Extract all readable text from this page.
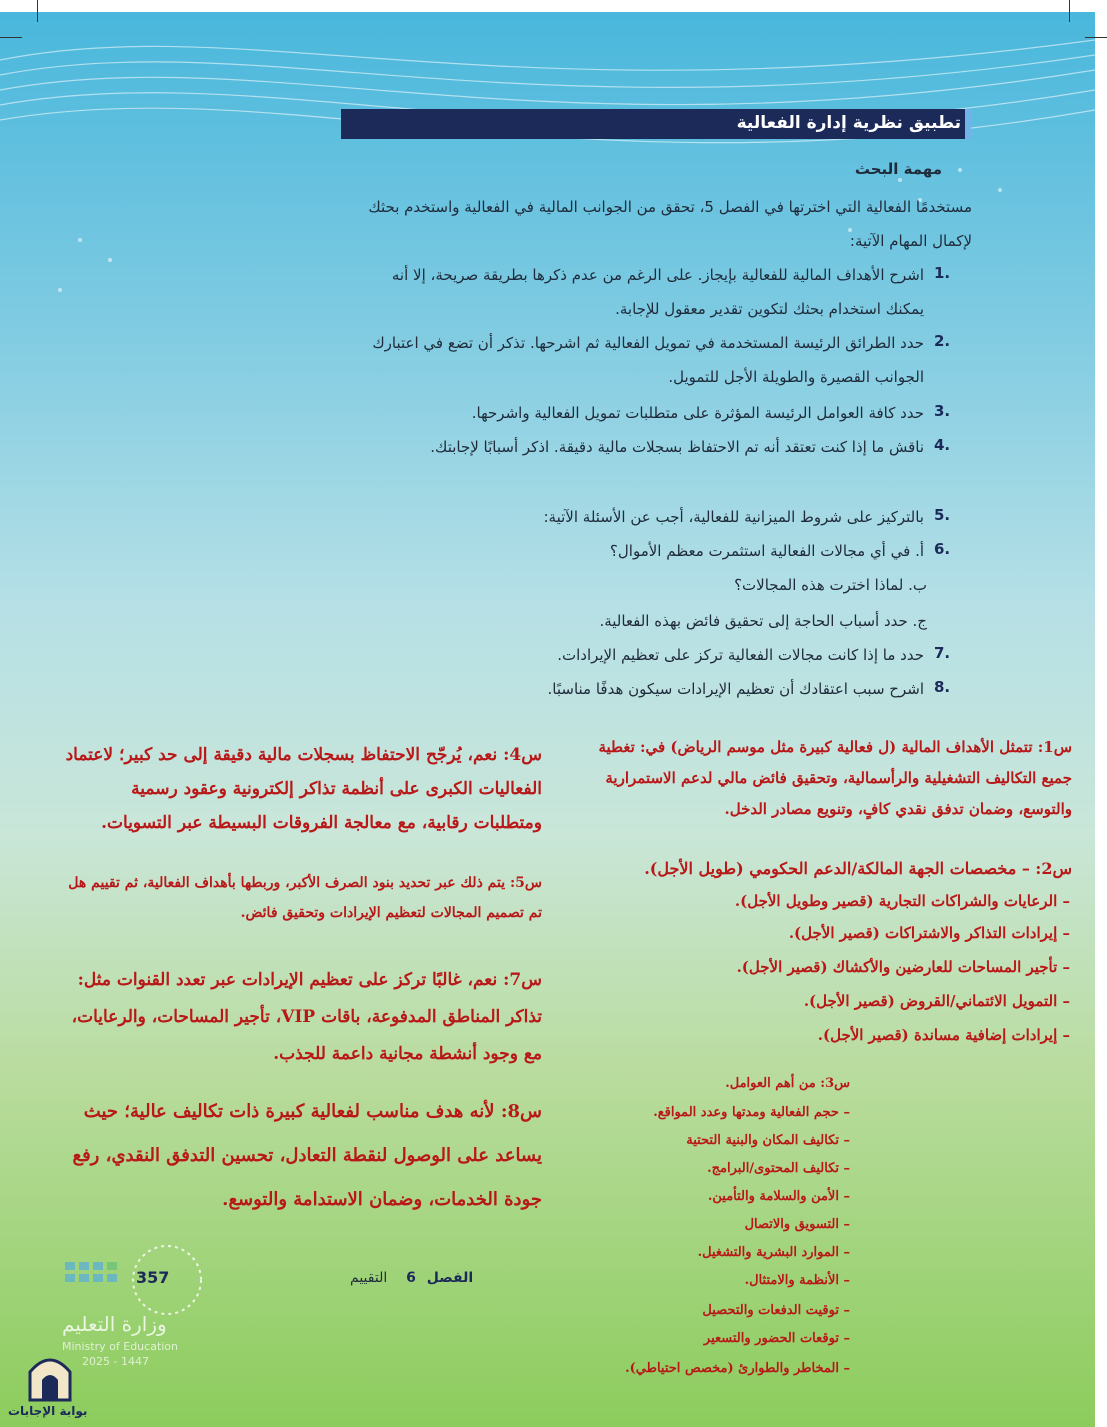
تطبيق نظرية إدارة الفعالية
مهمة البحث
مستخدمًا الفعالية التي اخترتها في الفصل 5، تحقق من الجوانب المالية في الفعالية واستخدم بحثك لإكمال المهام الآتية:
اشرح الأهداف المالية للفعالية بإيجاز. على الرغم من عدم ذكرها بطريقة صريحة، إلا أنه يمكنك استخدام بحثك لتكوين تقدير معقول للإجابة.
1.
حدد الطرائق الرئيسة المستخدمة في تمويل الفعالية ثم اشرحها. تذكر أن تضع في اعتبارك الجوانب القصيرة والطويلة الأجل للتمويل.
2.
حدد كافة العوامل الرئيسة المؤثرة على متطلبات تمويل الفعالية واشرحها. 3.
ناقش ما إذا كنت تعتقد أنه تم الاحتفاظ بسجلات مالية دقيقة. اذكر أسبابًا لإجابتك. 4.
بالتركيز على شروط الميزانية للفعالية، أجب عن الأسئلة الآتية: 5.
أ. في أي مجالات الفعالية استثمرت معظم الأموال؟ 6.
ب. لماذا اخترت هذه المجالات؟
ج. حدد أسباب الحاجة إلى تحقيق فائض بهذه الفعالية.
حدد ما إذا كانت مجالات الفعالية تركز على تعظيم الإيرادات. 7.
اشرح سبب اعتقادك أن تعظيم الإيرادات سيكون هدفًا مناسبًا. 8.
س4: نعم، يُرجّح الاحتفاظ بسجلات مالية دقيقة إلى حد كبير؛ لاعتماد الفعاليات الكبرى على أنظمة تذاكر إلكترونية وعقود رسمية ومتطلبات رقابية، مع معالجة الفروقات البسيطة عبر التسويات.
س5: يتم ذلك عبر تحديد بنود الصرف الأكبر، وربطها بأهداف الفعالية، ثم تقييم هل تم تصميم المجالات لتعظيم الإيرادات وتحقيق فائض.
س7: نعم، غالبًا تركز على تعظيم الإيرادات عبر تعدد القنوات مثل: تذاكر المناطق المدفوعة، باقات VIP، تأجير المساحات، والرعايات، مع وجود أنشطة مجانية داعمة للجذب.
س8: لأنه هدف مناسب لفعالية كبيرة ذات تكاليف عالية؛ حيث يساعد على الوصول لنقطة التعادل، تحسين التدفق النقدي، رفع جودة الخدمات، وضمان الاستدامة والتوسع.
س1: تتمثل الأهداف المالية (ل فعالية كبيرة مثل موسم الرياض) في: تغطية جميع التكاليف التشغيلية والرأسمالية، وتحقيق فائض مالي لدعم الاستمرارية والتوسع، وضمان تدفق نقدي كافٍ، وتنويع مصادر الدخل.
س2: – مخصصات الجهة المالكة/الدعم الحكومي (طويل الأجل).
– الرعايات والشراكات التجارية (قصير وطويل الأجل).
– إيرادات التذاكر والاشتراكات (قصير الأجل).
– تأجير المساحات للعارضين والأكشاك (قصير الأجل).
– التمويل الائتماني/القروض (قصير الأجل).
– إيرادات إضافية مساندة (قصير الأجل).
س3: من أهم العوامل.
– حجم الفعالية ومدتها وعدد المواقع.
– تكاليف المكان والبنية التحتية
– تكاليف المحتوى/البرامج.
– الأمن والسلامة والتأمين.
– التسويق والاتصال
– الموارد البشرية والتشغيل.
– الأنظمة والامتثال.
– توقيت الدفعات والتحصيل
– توقعات الحضور والتسعير
– المخاطر والطوارئ (مخصص احتياطي).
357
وزارة التعليم
Ministry of Education
2025 - 1447
الفصل 6 التقييم
بوابة الإجابات
